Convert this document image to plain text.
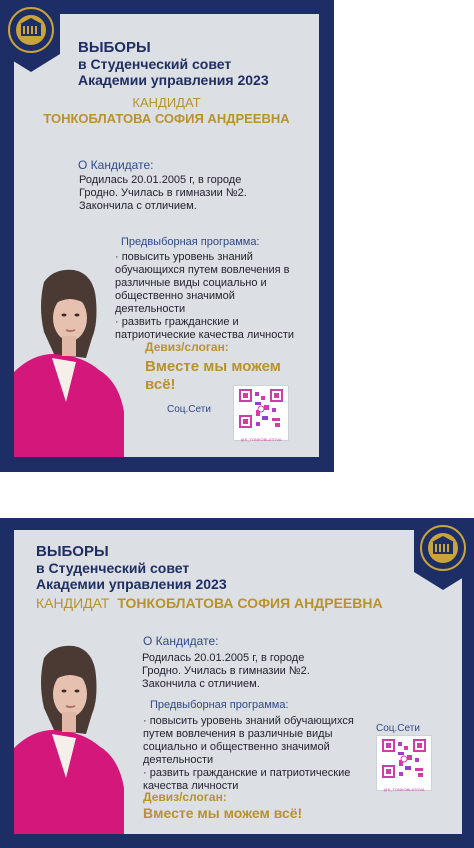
ВЫБОРЫ
в Студенческий совет
Академии управления 2023
КАНДИДАТ
ТОНКОБЛАТОВА СОФИЯ АНДРЕЕВНА
О Кандидате:
Родилась 20.01.2005 г, в городе
Гродно. Училась в гимназии №2.
Закончила с отличием.
Предвыборная программа:
· повысить уровень знаний
обучающихся путем вовлечения в
различные виды социально и
общественно значимой
деятельности
· развить гражданские и
патриотические качества личности
Девиз/слоган:
Вместе мы можем
всё!
Соц.Сети
@S_TONKOBLATOVA
ВЫБОРЫ
в Студенческий совет
Академии управления 2023
КАНДИДАТ ТОНКОБЛАТОВА СОФИЯ АНДРЕЕВНА
О Кандидате:
Родилась 20.01.2005 г, в городе
Гродно. Училась в гимназии №2.
Закончила с отличием.
Предвыборная программа:
· повысить уровень знаний обучающихся
путем вовлечения в различные виды
социально и общественно значимой
деятельности
· развить гражданские и патриотические
качества личности
Девиз/слоган:
Вместе мы можем всё!
Соц.Сети
@S_TONKOBLATOVA
